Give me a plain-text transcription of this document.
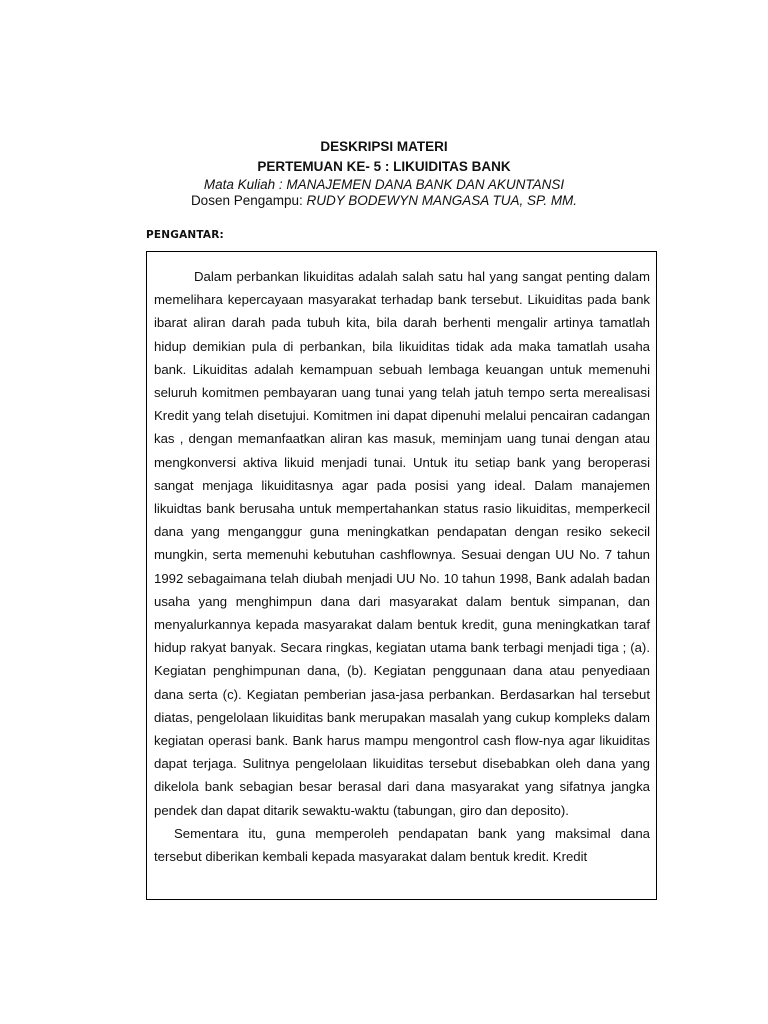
DESKRIPSI MATERI

PERTEMUAN KE- 5 : LIKUIDITAS BANK

Mata Kuliah : MANAJEMEN DANA BANK DAN AKUNTANSI

Dosen Pengampu: RUDY BODEWYN MANGASA TUA, SP. MM.

PENGANTAR:

Dalam perbankan likuiditas adalah salah satu hal yang sangat penting dalam memelihara kepercayaan masyarakat terhadap bank tersebut. Likuiditas pada bank ibarat aliran darah pada tubuh kita, bila darah berhenti mengalir artinya tamatlah hidup demikian pula di perbankan, bila likuiditas tidak ada maka tamatlah usaha bank. Likuiditas adalah kemampuan sebuah lembaga keuangan untuk memenuhi seluruh komitmen pembayaran uang tunai yang telah jatuh tempo serta merealisasi Kredit yang telah disetujui. Komitmen ini dapat dipenuhi melalui pencairan cadangan kas , dengan memanfaatkan aliran kas masuk, meminjam uang tunai dengan atau mengkonversi aktiva likuid menjadi tunai. Untuk itu setiap bank yang beroperasi sangat menjaga likuiditasnya agar pada posisi yang ideal. Dalam manajemen likuidtas bank berusaha untuk mempertahankan status rasio likuiditas, memperkecil dana yang menganggur guna meningkatkan pendapatan dengan resiko sekecil mungkin, serta memenuhi kebutuhan cashflownya. Sesuai dengan UU No. 7 tahun 1992 sebagaimana telah diubah menjadi UU No. 10 tahun 1998, Bank adalah badan usaha yang menghimpun dana dari masyarakat dalam bentuk simpanan, dan menyalurkannya kepada masyarakat dalam bentuk kredit, guna meningkatkan taraf hidup rakyat banyak. Secara ringkas, kegiatan utama bank terbagi menjadi tiga ; (a). Kegiatan penghimpunan dana, (b). Kegiatan penggunaan dana atau penyediaan dana serta (c). Kegiatan pemberian jasa-jasa perbankan. Berdasarkan hal tersebut diatas, pengelolaan likuiditas bank merupakan masalah yang cukup kompleks dalam kegiatan operasi bank. Bank harus mampu mengontrol cash flow-nya agar likuiditas dapat terjaga. Sulitnya pengelolaan likuiditas tersebut disebabkan oleh dana yang dikelola bank sebagian besar berasal dari dana masyarakat yang sifatnya jangka pendek dan dapat ditarik sewaktu-waktu (tabungan, giro dan deposito).

Sementara itu, guna memperoleh pendapatan bank yang maksimal dana tersebut diberikan kembali kepada masyarakat dalam bentuk kredit. Kredit
